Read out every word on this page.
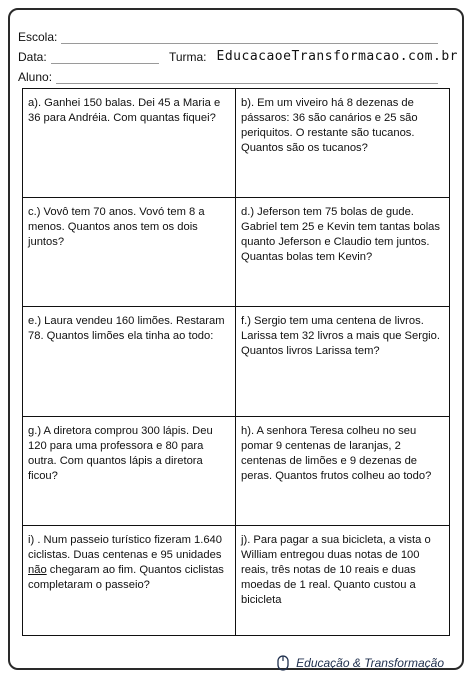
Escola:
Data:	Turma: EducacaoeTransformacao.com.br
Aluno:
a). Ganhei 150 balas. Dei 45 a Maria e 36 para Andréia. Com quantas fiquei?
b). Em um viveiro há 8 dezenas de pássaros: 36 são canários e 25 são periquitos. O restante são tucanos. Quantos são os tucanos?
c.) Vovô tem 70 anos. Vovó tem 8 a menos. Quantos anos tem os dois juntos?
d.) Jeferson tem 75 bolas de gude. Gabriel tem 25 e Kevin tem tantas bolas quanto Jeferson e Claudio tem juntos. Quantas bolas tem Kevin?
e.) Laura vendeu 160 limões. Restaram 78. Quantos limões ela tinha ao todo:
f.) Sergio tem uma centena de livros. Larissa tem 32 livros a mais que Sergio. Quantos livros Larissa tem?
g.) A diretora comprou 300 lápis. Deu 120 para uma professora e 80 para outra. Com quantos lápis a diretora ficou?
h). A senhora Teresa colheu no seu pomar 9 centenas de laranjas, 2 centenas de limões e 9 dezenas de peras. Quantos frutos colheu ao todo?
i) . Num passeio turístico fizeram 1.640 ciclistas. Duas centenas e 95 unidades não chegaram ao fim. Quantos ciclistas completaram o passeio?
j). Para pagar a sua bicicleta, a vista o William entregou duas notas de 100 reais, três notas de 10 reais e duas moedas de 1 real. Quanto custou a bicicleta
Educação & Transformação
